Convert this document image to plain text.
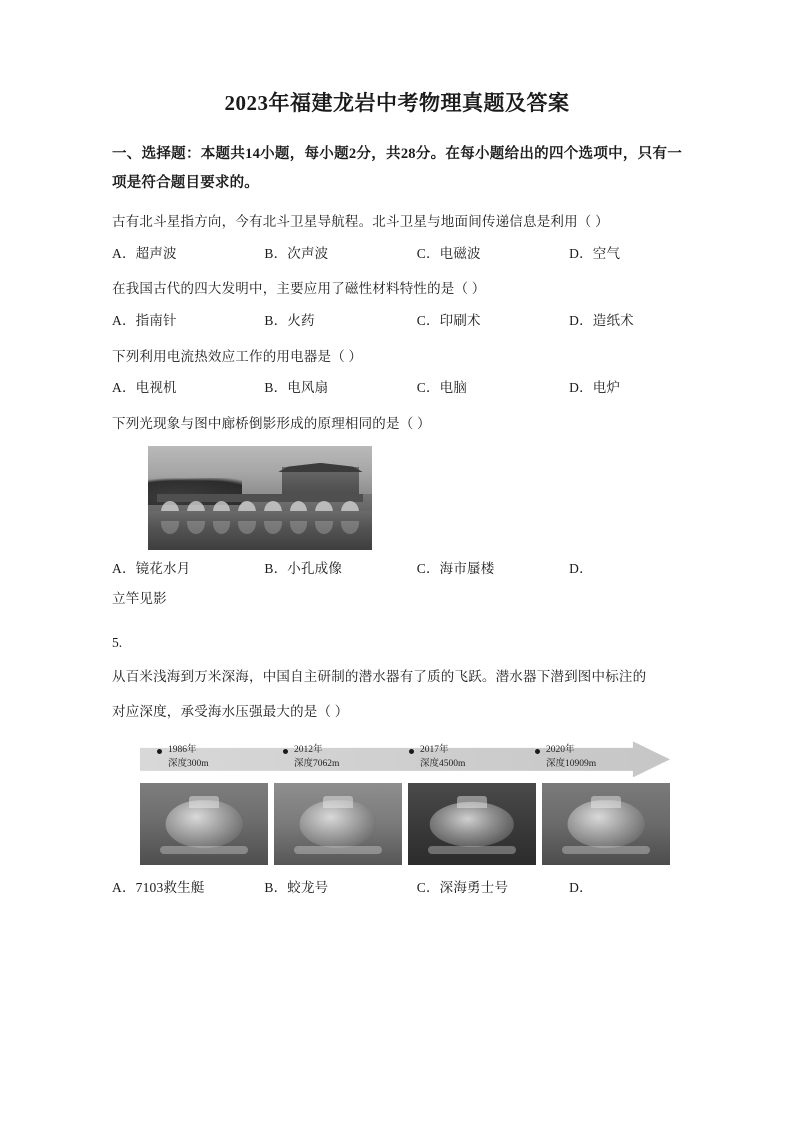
2023年福建龙岩中考物理真题及答案

一、选择题：本题共14小题，每小题2分，共28分。在每小题给出的四个选项中，只有一项是符合题目要求的。

古有北斗星指方向，今有北斗卫星导航程。北斗卫星与地面间传递信息是利用（ ）

A．超声波	B．次声波	C．电磁波	D．空气

在我国古代的四大发明中，主要应用了磁性材料特性的是（ ）

A．指南针	B．火药	C．印刷术	D．造纸术

下列利用电流热效应工作的用电器是（ ）

A．电视机	B．电风扇	C．电脑	D．电炉

下列光现象与图中廊桥倒影形成的原理相同的是（ ）

A．镜花水月	B．小孔成像	C．海市蜃楼	D．

立竿见影

5.

从百米浅海到万米深海，中国自主研制的潜水器有了质的飞跃。潜水器下潜到图中标注的

对应深度，承受海水压强最大的是（ ）

1986年
深度300m
2012年
深度7062m
2017年
深度4500m
2020年
深度10909m
A．7103救生艇	B．蛟龙号	C．深海勇士号	D．
